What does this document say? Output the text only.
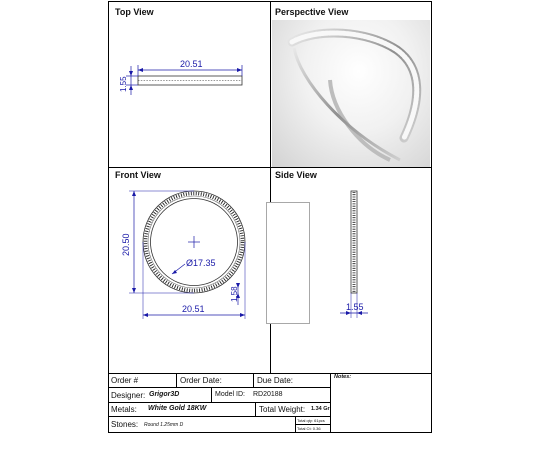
Top View	Perspective View
Front View	Side View
20.51
1.55
Ø17.35
20.50
20.51
1.58
1.55
Order #	Order Date:	Due Date:	Notes:
Designer: Grigor3D	Model ID: RD20188
Metals: White Gold 18KW	Total Weight: 1.34 Gr
Stones: Round 1.25mm D
Total qty: 61pcs
Total Ct: 0.36
